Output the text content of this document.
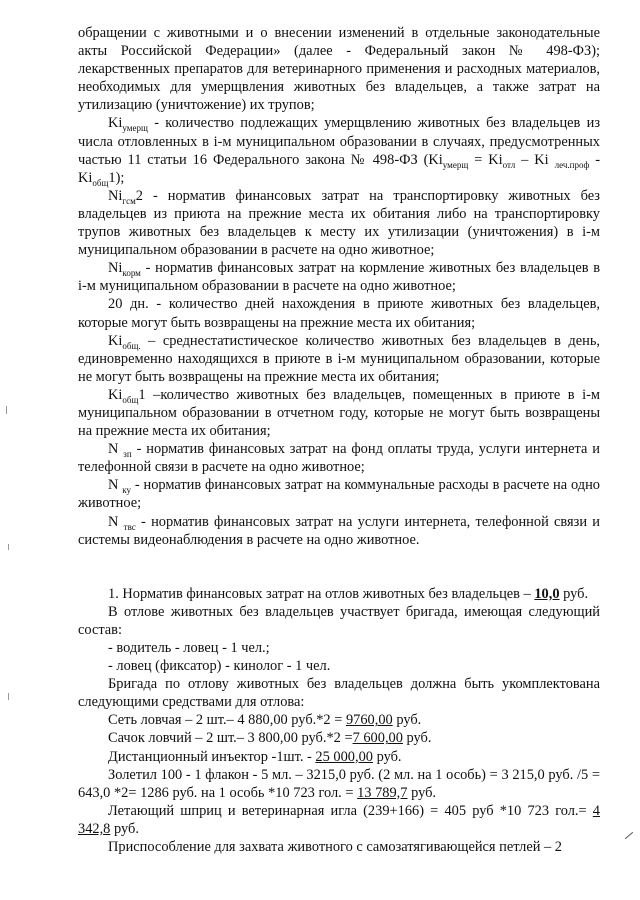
обращении с животными и о внесении изменений в отдельные законодательные акты Российской Федерации» (далее - Федеральный закон № 498-ФЗ); лекарственных препаратов для ветеринарного применения и расходных материалов, необходимых для умерщвления животных без владельцев, а также затрат на утилизацию (уничтожение) их трупов;

$Ki_{умерщ}$ - количество подлежащих умерщвлению животных без владельцев из числа отловленных в i-м муниципальном образовании в случаях, предусмотренных частью 11 статьи 16 Федерального закона № 498-ФЗ ($Ki_{умерщ} = Ki_{отл} - Ki$ $_{леч.проф} - Ki_{общ}1$);

$Ni_{гсм}2$ - норматив финансовых затрат на транспортировку животных без владельцев из приюта на прежние места их обитания либо на транспортировку трупов животных без владельцев к месту их утилизации (уничтожения) в i-м муниципальном образовании в расчете на одно животное;

$Ni_{корм}$ - норматив финансовых затрат на кормление животных без владельцев в i-м муниципальном образовании в расчете на одно животное;

20 дн. - количество дней нахождения в приюте животных без владельцев, которые могут быть возвращены на прежние места их обитания;

$Ki_{общ.}$ – среднестатистическое количество животных без владельцев в день, единовременно находящихся в приюте в i-м муниципальном образовании, которые не могут быть возвращены на прежние места их обитания;

$Ki_{общ}1$ –количество животных без владельцев, помещенных в приюте в i-м муниципальном образовании в отчетном году, которые не могут быть возвращены на прежние места их обитания;

N $_{зп}$ - норматив финансовых затрат на фонд оплаты труда, услуги интернета и телефонной связи в расчете на одно животное;

N $_{ку}$ - норматив финансовых затрат на коммунальные расходы в расчете на одно животное;

N $_{твс}$ - норматив финансовых затрат на услуги интернета, телефонной связи и системы видеонаблюдения в расчете на одно животное.

1. Норматив финансовых затрат на отлов животных без владельцев – 10,0 руб.

В отлове животных без владельцев участвует бригада, имеющая следующий состав:

- водитель - ловец - 1 чел.;

- ловец (фиксатор) - кинолог - 1 чел.

Бригада по отлову животных без владельцев должна быть укомплектована следующими средствами для отлова:

Сеть ловчая – 2 шт.– 4 880,00 руб.*2 = 9760,00 руб.

Сачок ловчий – 2 шт.– 3 800,00 руб.*2 =7 600,00 руб.

Дистанционный инъектор -1шт. - 25 000,00 руб.

Золетил 100 - 1 флакон - 5 мл. – 3215,0 руб. (2 мл. на 1 особь) = 3 215,0 руб. /5 = 643,0 *2= 1286 руб. на 1 особь *10 723 гол. = 13 789,7 руб.

Летающий шприц и ветеринарная игла (239+166) = 405 руб *10 723 гол.= 4 342,8 руб.

Приспособление для захвата животного с самозатягивающейся петлей – 2
